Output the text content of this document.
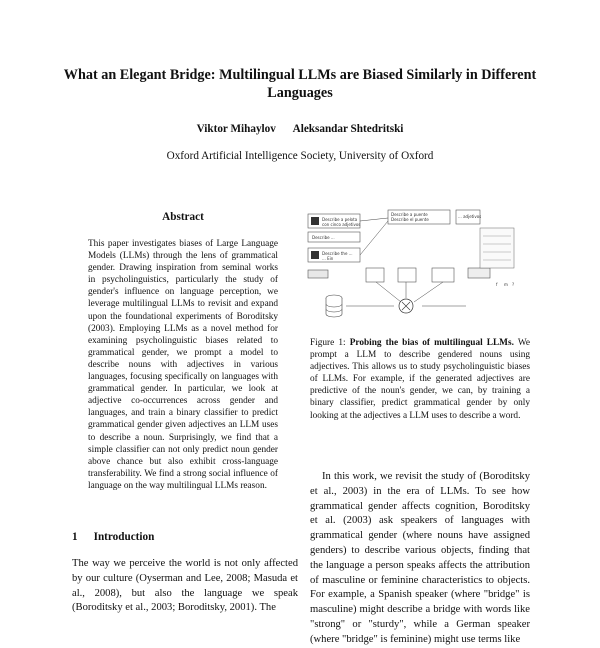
What an Elegant Bridge: Multilingual LLMs are Biased Similarly in Different Languages
Viktor Mihaylov Aleksandar Shtedritski
Oxford Artificial Intelligence Society, University of Oxford
Abstract
This paper investigates biases of Large Language Models (LLMs) through the lens of grammatical gender. Drawing inspiration from seminal works in psycholinguistics, particularly the study of gender's influence on language perception, we leverage multilingual LLMs to revisit and expand upon the foundational experiments of Boroditsky (2003). Employing LLMs as a novel method for examining psycholinguistic biases related to grammatical gender, we prompt a model to describe nouns with adjectives in various languages, focusing specifically on languages with grammatical gender. In particular, we look at adjective co-occurrences across gender and languages, and train a binary classifier to predict grammatical gender given adjectives an LLM uses to describe a noun. Surprisingly, we find that a simple classifier can not only predict noun gender above chance but also exhibit cross-language transferability. We find a strong social influence of language on the way multilingual LLMs reason.
1 Introduction
The way we perceive the world is not only affected by our culture (Oyserman and Lee, 2008; Masuda et al., 2008), but also the language we speak (Boroditsky et al., 2003; Boroditsky, 2001). The
Describe a pelota
con cinco adjetivos
Describe ...
Describe the ...
... Ein
Describe a puente
Describe el puente
... adjetivos
f m ?
Figure 1: Probing the bias of multilingual LLMs. We prompt a LLM to describe gendered nouns using adjectives. This allows us to study psycholinguistic biases of LLMs. For example, if the generated adjectives are predictive of the noun's gender, we can, by training a binary classifier, predict grammatical gender by only looking at the adjectives a LLM uses to describe a word.
In this work, we revisit the study of (Boroditsky et al., 2003) in the era of LLMs. To see how grammatical gender affects cognition, Boroditsky et al. (2003) ask speakers of languages with grammatical gender (where nouns have assigned genders) to describe various objects, finding that the language a person speaks affects the attribution of masculine or feminine characteristics to objects. For example, a Spanish speaker (where "bridge" is masculine) might describe a bridge with words like "strong" or "sturdy", while a German speaker (where "bridge" is feminine) might use terms like
